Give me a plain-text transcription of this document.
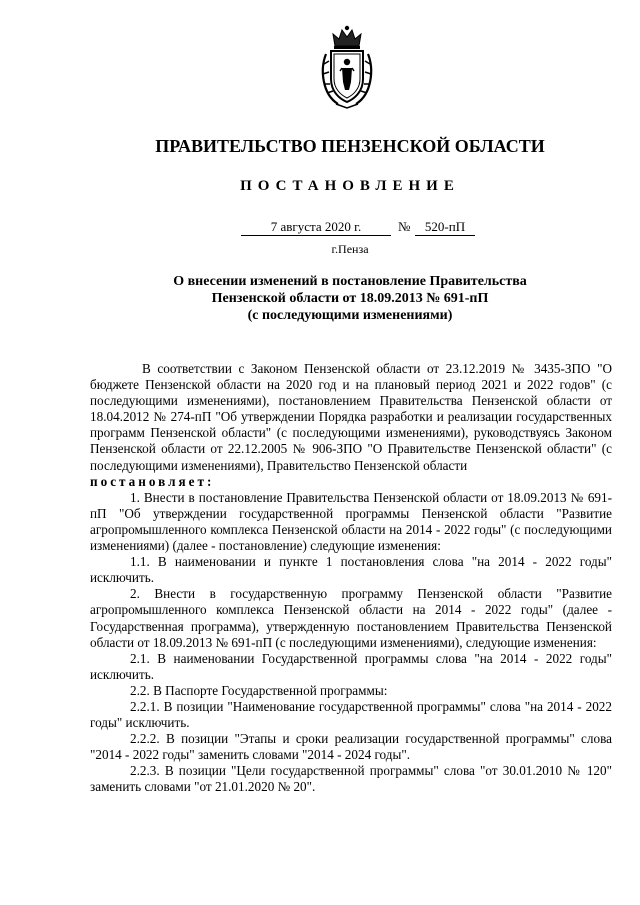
ПРАВИТЕЛЬСТВО ПЕНЗЕНСКОЙ ОБЛАСТИ
ПОСТАНОВЛЕНИЕ
7 августа 2020 г.	№	520-пП
г.Пенза
О внесении изменений в постановление Правительства
Пензенской области от 18.09.2013 № 691-пП
(с последующими изменениями)

В соответствии с Законом Пензенской области от 23.12.2019 № 3435-ЗПО "О бюджете Пензенской области на 2020 год и на плановый период 2021 и 2022 годов" (с последующими изменениями), постановлением Правительства Пензенской области от 18.04.2012 № 274-пП "Об утверждении Порядка разработки и реализации государственных программ Пензенской области" (с последующими изменениями), руководствуясь Законом Пензенской области от 22.12.2005 № 906-ЗПО "О Правительстве Пензенской области" (с последующими изменениями), Правительство Пензенской области

постановляет:

1. Внести в постановление Правительства Пензенской области от 18.09.2013 № 691-пП "Об утверждении государственной программы Пензенской области "Развитие агропромышленного комплекса Пензенской области на 2014 - 2022 годы" (с последующими изменениями) (далее - постановление) следующие изменения:

1.1. В наименовании и пункте 1 постановления слова "на 2014 - 2022 годы" исключить.

2. Внести в государственную программу Пензенской области "Развитие агропромышленного комплекса Пензенской области на 2014 - 2022 годы" (далее - Государственная программа), утвержденную постановлением Правительства Пензенской области от 18.09.2013 № 691-пП (с последующими изменениями), следующие изменения:

2.1. В наименовании Государственной программы слова "на 2014 - 2022 годы" исключить.

2.2. В Паспорте Государственной программы:

2.2.1. В позиции "Наименование государственной программы" слова "на 2014 - 2022 годы" исключить.

2.2.2. В позиции "Этапы и сроки реализации государственной программы" слова "2014 - 2022 годы" заменить словами "2014 - 2024 годы".

2.2.3. В позиции "Цели государственной программы" слова "от 30.01.2010 № 120" заменить словами "от 21.01.2020 № 20".
